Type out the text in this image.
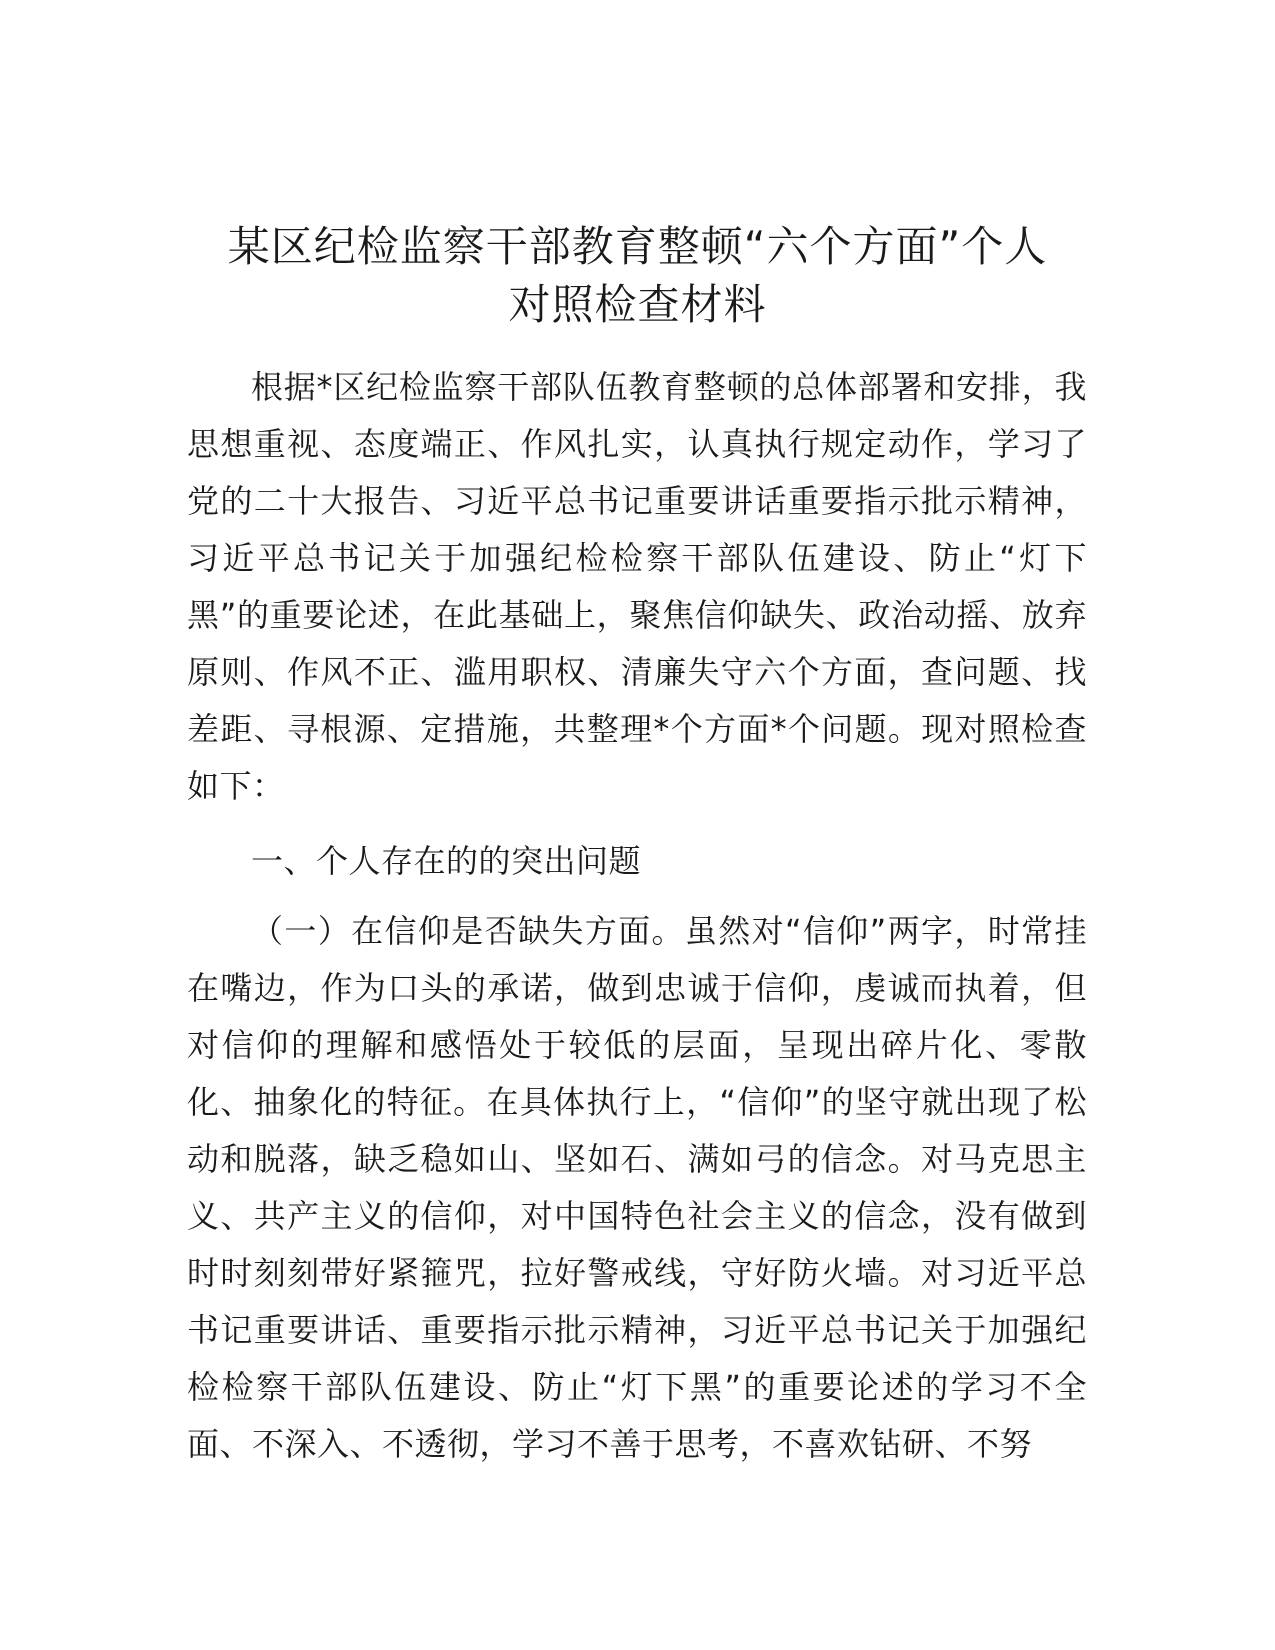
某区纪检监察干部教育整顿“六个方面”个人
对照检查材料

根据*区纪检监察干部队伍教育整顿的总体部署和安排，我思想重视、态度端正、作风扎实，认真执行规定动作，学习了党的二十大报告、习近平总书记重要讲话重要指示批示精神，习近平总书记关于加强纪检检察干部队伍建设、防止“灯下黑”的重要论述，在此基础上，聚焦信仰缺失、政治动摇、放弃原则、作风不正、滥用职权、清廉失守六个方面，查问题、找差距、寻根源、定措施，共整理*个方面*个问题。现对照检查如下：

一、个人存在的的突出问题

（一）在信仰是否缺失方面。虽然对“信仰”两字，时常挂在嘴边，作为口头的承诺，做到忠诚于信仰，虔诚而执着，但对信仰的理解和感悟处于较低的层面，呈现出碎片化、零散化、抽象化的特征。在具体执行上，“信仰”的坚守就出现了松动和脱落，缺乏稳如山、坚如石、满如弓的信念。对马克思主义、共产主义的信仰，对中国特色社会主义的信念，没有做到时时刻刻带好紧箍咒，拉好警戒线，守好防火墙。对习近平总书记重要讲话、重要指示批示精神，习近平总书记关于加强纪检检察干部队伍建设、防止“灯下黑”的重要论述的学习不全面、不深入、不透彻，学习不善于思考，不喜欢钻研、不努
